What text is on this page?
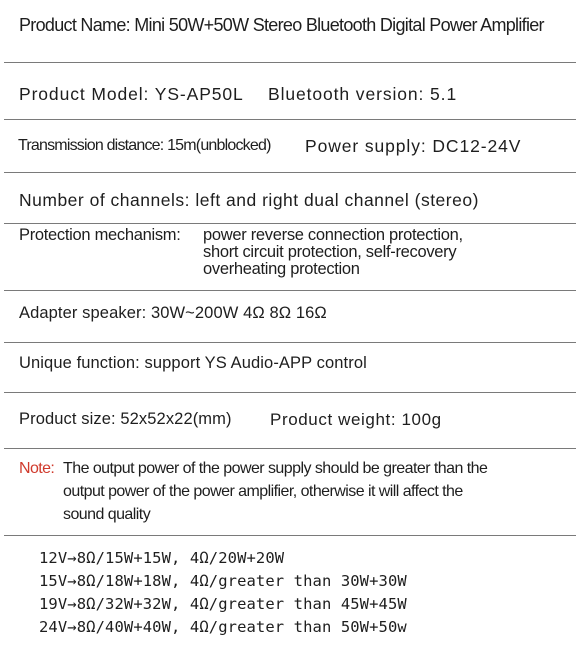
Product Name: Mini 50W+50W Stereo Bluetooth Digital Power Amplifier
Product Model: YS-AP50L Bluetooth version: 5.1
Transmission distance: 15m(unblocked) Power supply: DC12-24V
Number of channels: left and right dual channel (stereo)
Protection mechanism: power reverse connection protection,
short circuit protection, self-recovery
overheating protection
Adapter speaker: 30W~200W 4Ω 8Ω 16Ω
Unique function: support YS Audio-APP control
Product size: 52x52x22(mm) Product weight: 100g
Note: The output power of the power supply should be greater than the
output power of the power amplifier, otherwise it will affect the
sound quality
12V→8Ω/15W+15W, 4Ω/20W+20W
15V→8Ω/18W+18W, 4Ω/greater than 30W+30W
19V→8Ω/32W+32W, 4Ω/greater than 45W+45W
24V→8Ω/40W+40W, 4Ω/greater than 50W+50w
